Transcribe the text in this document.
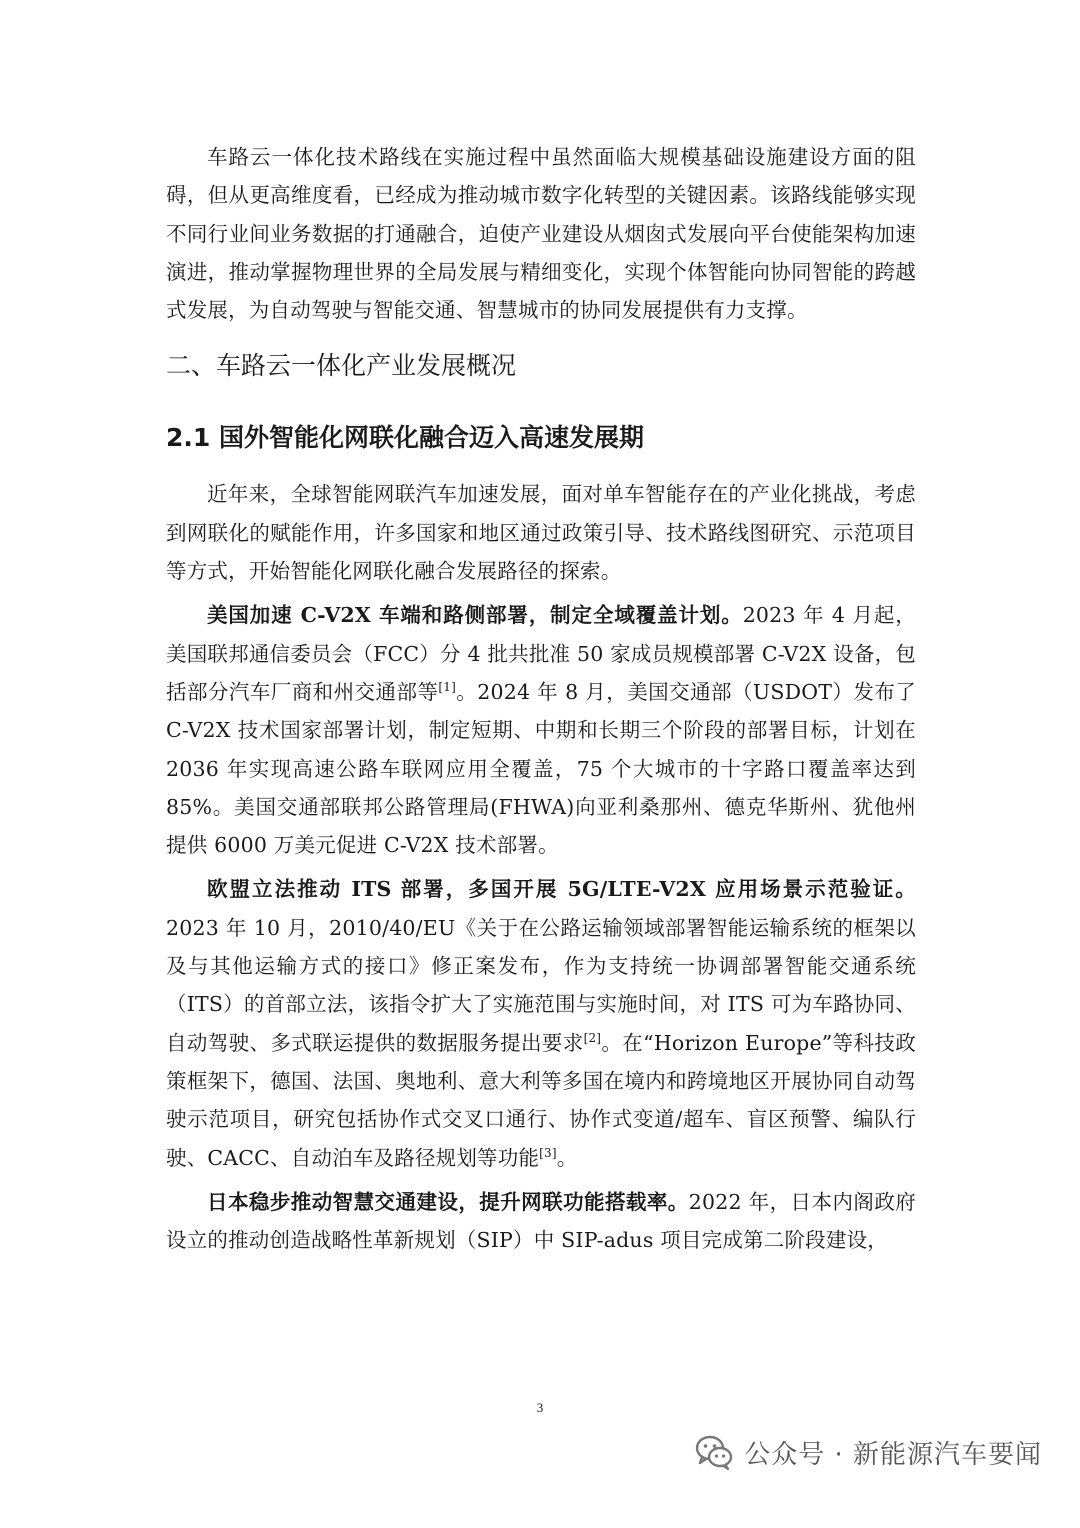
车路云一体化技术路线在实施过程中虽然面临大规模基础设施建设方面的阻碍，但从更高维度看，已经成为推动城市数字化转型的关键因素。该路线能够实现不同行业间业务数据的打通融合，迫使产业建设从烟囱式发展向平台使能架构加速演进，推动掌握物理世界的全局发展与精细变化，实现个体智能向协同智能的跨越式发展，为自动驾驶与智能交通、智慧城市的协同发展提供有力支撑。

二、车路云一体化产业发展概况
2.1 国外智能化网联化融合迈入高速发展期

近年来，全球智能网联汽车加速发展，面对单车智能存在的产业化挑战，考虑到网联化的赋能作用，许多国家和地区通过政策引导、技术路线图研究、示范项目等方式，开始智能化网联化融合发展路径的探索。

美国加速 C-V2X 车端和路侧部署，制定全域覆盖计划。2023 年 4 月起，美国联邦通信委员会（FCC）分 4 批共批准 50 家成员规模部署 C-V2X 设备，包括部分汽车厂商和州交通部等[1]。2024 年 8 月，美国交通部（USDOT）发布了 C-V2X 技术国家部署计划，制定短期、中期和长期三个阶段的部署目标，计划在 2036 年实现高速公路车联网应用全覆盖，75 个大城市的十字路口覆盖率达到 85%。美国交通部联邦公路管理局(FHWA)向亚利桑那州、德克华斯州、犹他州提供 6000 万美元促进 C-V2X 技术部署。

欧盟立法推动 ITS 部署，多国开展 5G/LTE-V2X 应用场景示范验证。2023 年 10 月，2010/40/EU《关于在公路运输领域部署智能运输系统的框架以及与其他运输方式的接口》修正案发布，作为支持统一协调部署智能交通系统（ITS）的首部立法，该指令扩大了实施范围与实施时间，对 ITS 可为车路协同、自动驾驶、多式联运提供的数据服务提出要求[2]。在“Horizon Europe”等科技政策框架下，德国、法国、奥地利、意大利等多国在境内和跨境地区开展协同自动驾驶示范项目，研究包括协作式交叉口通行、协作式变道/超车、盲区预警、编队行驶、CACC、自动泊车及路径规划等功能[3]。

日本稳步推动智慧交通建设，提升网联功能搭载率。2022 年，日本内阁政府设立的推动创造战略性革新规划（SIP）中 SIP-adus 项目完成第二阶段建设，

3
公众号 · 新能源汽车要闻
